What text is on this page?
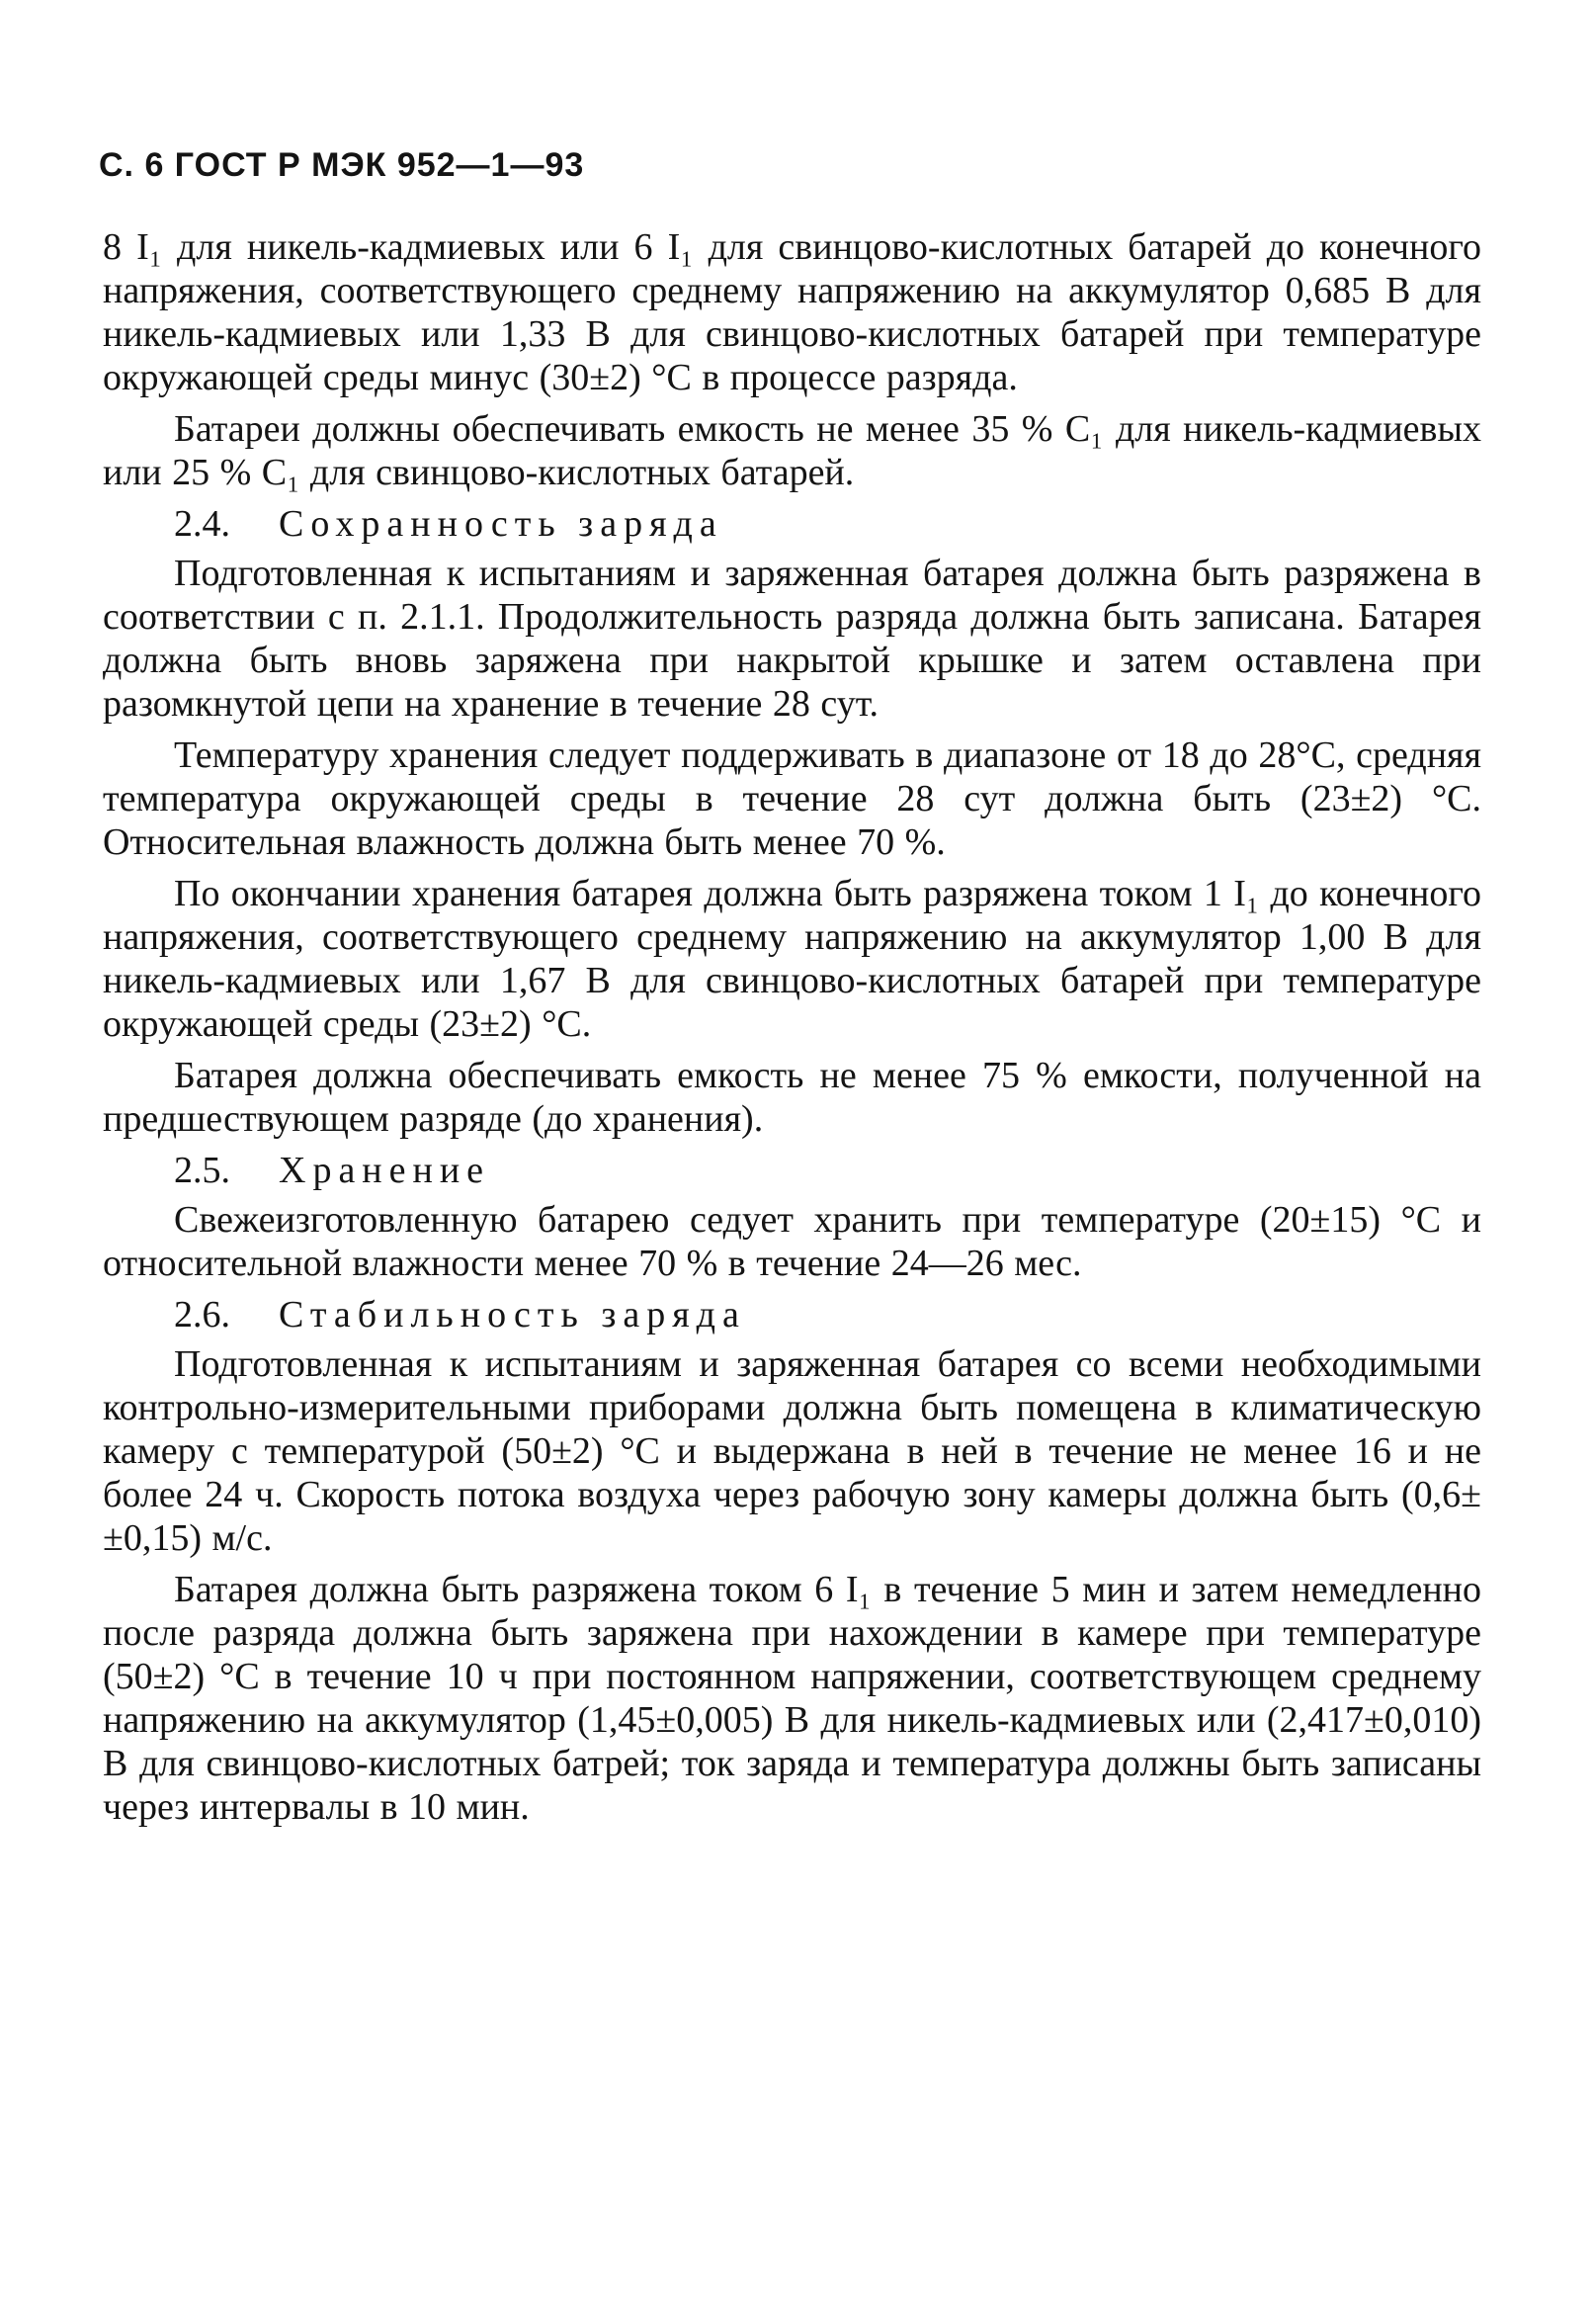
С. 6 ГОСТ Р МЭК 952—1—93

8 I₁ для никель-кадмиевых или 6 I₁ для свинцово-кислотных батарей до конечного напряжения, соответствующего среднему напряжению на аккумулятор 0,685 В для никель-кадмиевых или 1,33 В для свинцово-кислотных батарей при температуре окружающей среды минус (30±2) °С в процессе разряда.

Батареи должны обеспечивать емкость не менее 35 % C₁ для никель-кадмиевых или 25 % C₁ для свинцово-кислотных батарей.

2.4. Сохранность заряда

Подготовленная к испытаниям и заряженная батарея должна быть разряжена в соответствии с п. 2.1.1. Продолжительность разряда должна быть записана. Батарея должна быть вновь заряжена при накрытой крышке и затем оставлена при разомкнутой цепи на хранение в течение 28 сут.

Температуру хранения следует поддерживать в диапазоне от 18 до 28°С, средняя температура окружающей среды в течение 28 сут должна быть (23±2) °С. Относительная влажность должна быть менее 70 %.

По окончании хранения батарея должна быть разряжена током 1 I₁ до конечного напряжения, соответствующего среднему напряжению на аккумулятор 1,00 В для никель-кадмиевых или 1,67 В для свинцово-кислотных батарей при температуре окружающей среды (23±2) °С.

Батарея должна обеспечивать емкость не менее 75 % емкости, полученной на предшествующем разряде (до хранения).

2.5. Хранение

Свежеизготовленную батарею седует хранить при температуре (20±15) °С и относительной влажности менее 70 % в течение 24—26 мес.

2.6. Стабильность заряда

Подготовленная к испытаниям и заряженная батарея со всеми необходимыми контрольно-измерительными приборами должна быть помещена в климатическую камеру с температурой (50±2) °С и выдержана в ней в течение не менее 16 и не более 24 ч. Скорость потока воздуха через рабочую зону камеры должна быть (0,6±±0,15) м/с.

Батарея должна быть разряжена током 6 I₁ в течение 5 мин и затем немедленно после разряда должна быть заряжена при нахождении в камере при температуре (50±2) °С в течение 10 ч при постоянном напряжении, соответствующем среднему напряжению на аккумулятор (1,45±0,005) В для никель-кадмиевых или (2,417±0,010) В для свинцово-кислотных батрей; ток заряда и температура должны быть записаны через интервалы в 10 мин.
